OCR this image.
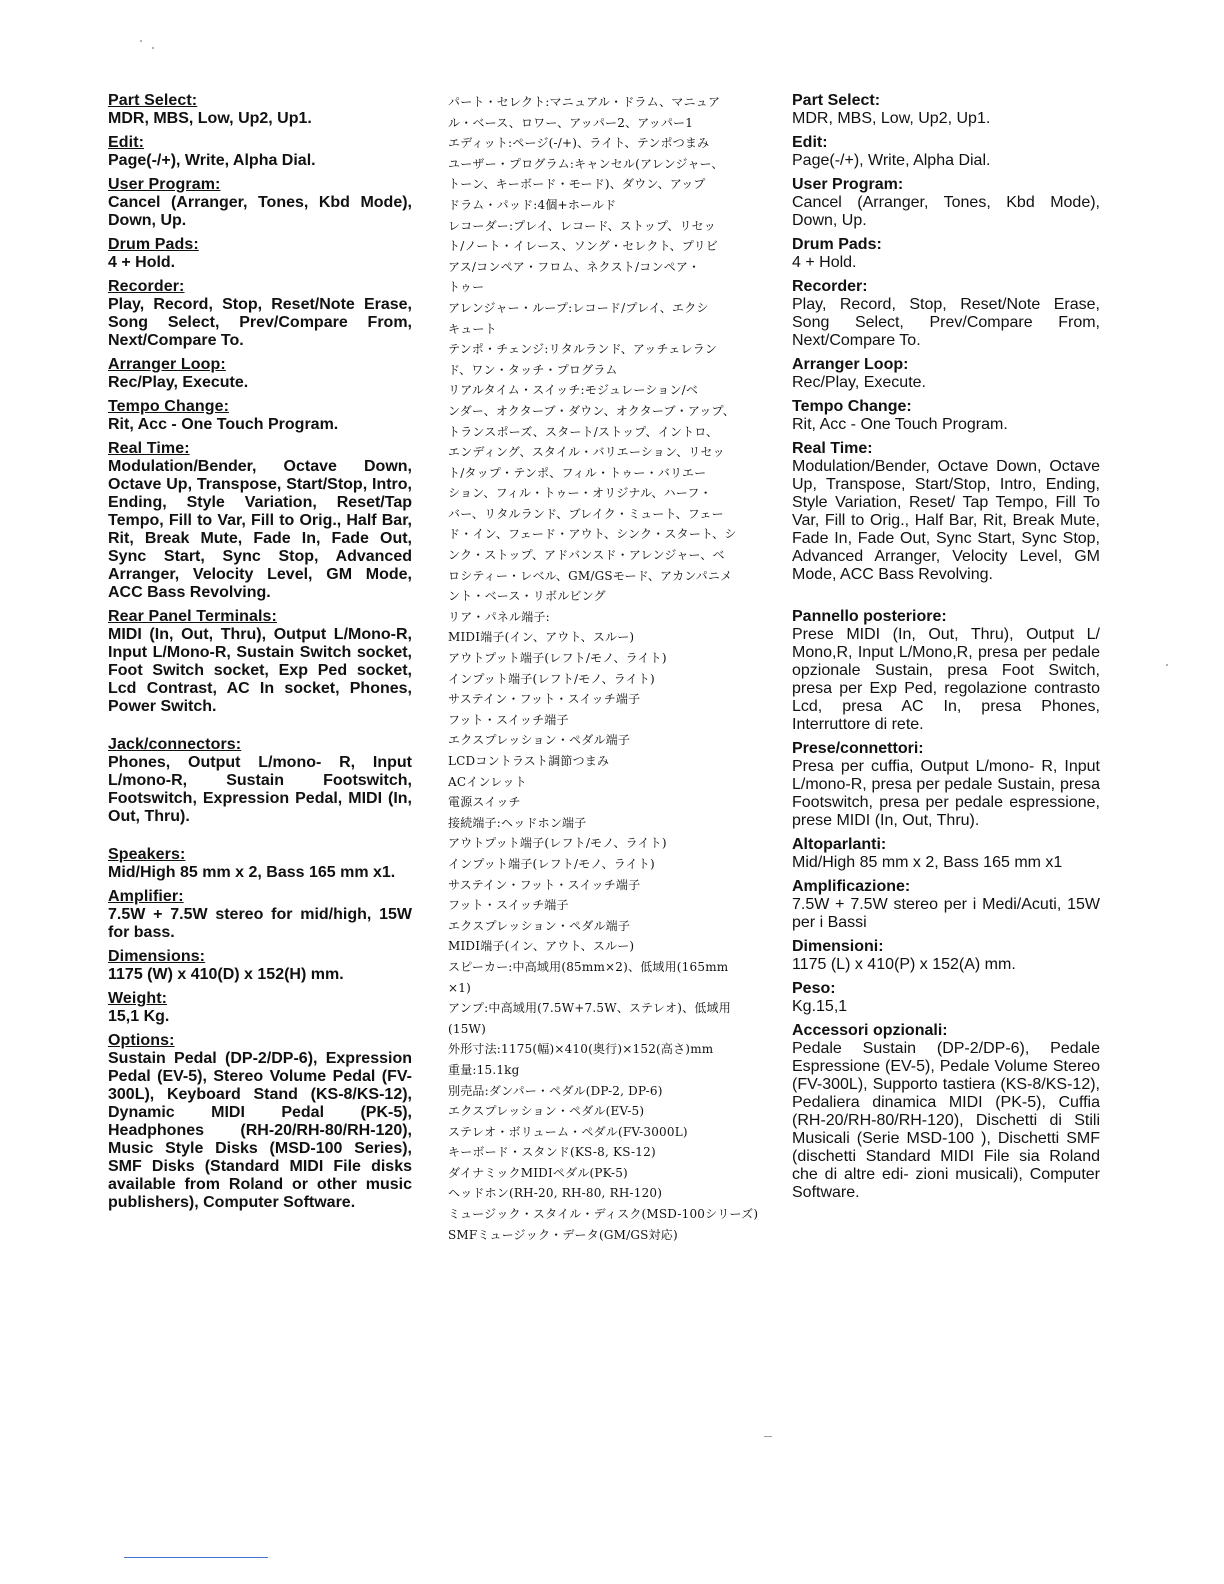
Part Select:
MDR, MBS, Low, Up2, Up1.
Edit:
Page(-/+), Write, Alpha Dial.
User Program:
Cancel (Arranger, Tones, Kbd Mode), Down, Up.
Drum Pads:
4 + Hold.
Recorder:
Play, Record, Stop, Reset/Note Erase, Song Select, Prev/Compare From, Next/Compare To.
Arranger Loop:
Rec/Play, Execute.
Tempo Change:
Rit, Acc - One Touch Program.
Real Time:
Modulation/Bender, Octave Down, Octave Up, Transpose, Start/Stop, Intro, Ending, Style Variation, Reset/Tap Tempo, Fill to Var, Fill to Orig., Half Bar, Rit, Break Mute, Fade In, Fade Out, Sync Start, Sync Stop, Advanced Arranger, Velocity Level, GM Mode, ACC Bass Revolving.
Rear Panel Terminals:
MIDI (In, Out, Thru), Output L/Mono-R, Input L/Mono-R, Sustain Switch socket, Foot Switch socket, Exp Ped socket, Lcd Contrast, AC In socket, Phones, Power Switch.
Jack/connectors:
Phones, Output L/mono- R, Input L/mono-R, Sustain Footswitch, Footswitch, Expression Pedal, MIDI (In, Out, Thru).
Speakers:
Mid/High 85 mm x 2, Bass 165 mm x1.
Amplifier:
7.5W + 7.5W stereo for mid/high, 15W for bass.
Dimensions:
1175 (W) x 410(D) x 152(H) mm.
Weight:
15,1 Kg.
Options:
Sustain Pedal (DP-2/DP-6), Expression Pedal (EV-5), Stereo Volume Pedal (FV-300L), Keyboard Stand (KS-8/KS-12), Dynamic MIDI Pedal (PK-5), Headphones (RH-20/RH-80/RH-120), Music Style Disks (MSD-100 Series), SMF Disks (Standard MIDI File disks available from Roland or other music publishers), Computer Software.
パート・セレクト:マニュアル・ドラム、マニュア
ル・ベース、ロワー、アッパー2、アッパー1
エディット:ページ(-/+)、ライト、テンポつまみ
ユーザー・プログラム:キャンセル(アレンジャー、
トーン、キーボード・モード)、ダウン、アップ
ドラム・パッド:4個+ホールド
レコーダー:プレイ、レコード、ストップ、リセッ
ト/ノート・イレース、ソング・セレクト、プリビ
アス/コンペア・フロム、ネクスト/コンペア・
トゥー
アレンジャー・ループ:レコード/プレイ、エクシ
キュート
テンポ・チェンジ:リタルランド、アッチェレラン
ド、ワン・タッチ・プログラム
リアルタイム・スイッチ:モジュレーション/ベ
ンダー、オクターブ・ダウン、オクターブ・アップ、
トランスポーズ、スタート/ストップ、イントロ、
エンディング、スタイル・バリエーション、リセッ
ト/タップ・テンポ、フィル・トゥー・バリエー
ション、フィル・トゥー・オリジナル、ハーフ・
バー、リタルランド、ブレイク・ミュート、フェー
ド・イン、フェード・アウト、シンク・スタート、シ
ンク・ストップ、アドバンスド・アレンジャー、ベ
ロシティー・レベル、GM/GSモード、アカンパニメ
ント・ベース・リボルビング
リア・パネル端子:
MIDI端子(イン、アウト、スルー)
アウトプット端子(レフト/モノ、ライト)
インプット端子(レフト/モノ、ライト)
サステイン・フット・スイッチ端子
フット・スイッチ端子
エクスプレッション・ペダル端子
LCDコントラスト調節つまみ
ACインレット
電源スイッチ
接続端子:ヘッドホン端子
アウトプット端子(レフト/モノ、ライト)
インプット端子(レフト/モノ、ライト)
サステイン・フット・スイッチ端子
フット・スイッチ端子
エクスプレッション・ペダル端子
MIDI端子(イン、アウト、スルー)
スピーカー:中高域用(85mm×2)、低域用(165mm
×1)
アンプ:中高域用(7.5W+7.5W、ステレオ)、低域用
(15W)
外形寸法:1175(幅)×410(奥行)×152(高さ)mm
重量:15.1kg
別売品:ダンパー・ペダル(DP-2, DP-6)
エクスプレッション・ペダル(EV-5)
ステレオ・ボリューム・ペダル(FV-3000L)
キーボード・スタンド(KS-8, KS-12)
ダイナミックMIDIペダル(PK-5)
ヘッドホン(RH-20, RH-80, RH-120)
ミュージック・スタイル・ディスク(MSD-100シリーズ)
SMFミュージック・データ(GM/GS対応)
Part Select:
MDR, MBS, Low, Up2, Up1.
Edit:
Page(-/+), Write, Alpha Dial.
User Program:
Cancel (Arranger, Tones, Kbd Mode), Down, Up.
Drum Pads:
4 + Hold.
Recorder:
Play, Record, Stop, Reset/Note Erase, Song Select, Prev/Compare From, Next/Compare To.
Arranger Loop:
Rec/Play, Execute.
Tempo Change:
Rit, Acc - One Touch Program.
Real Time:
Modulation/Bender, Octave Down, Octave Up, Transpose, Start/Stop, Intro, Ending, Style Variation, Reset/ Tap Tempo, Fill To Var, Fill to Orig., Half Bar, Rit, Break Mute, Fade In, Fade Out, Sync Start, Sync Stop, Advanced Arranger, Velocity Level, GM Mode, ACC Bass Revolving.
Pannello posteriore:
Prese MIDI (In, Out, Thru), Output L/ Mono,R, Input L/Mono,R, presa per pedale opzionale Sustain, presa Foot Switch, presa per Exp Ped, regolazione contrasto Lcd, presa AC In, presa Phones, Interruttore di rete.
Prese/connettori:
Presa per cuffia, Output L/mono- R, Input L/mono-R, presa per pedale Sustain, presa Footswitch, presa per pedale espressione, prese MIDI (In, Out, Thru).
Altoparlanti:
Mid/High 85 mm x 2, Bass 165 mm x1
Amplificazione:
7.5W + 7.5W stereo per i Medi/Acuti, 15W per i Bassi
Dimensioni:
1175 (L) x 410(P) x 152(A) mm.
Peso:
Kg.15,1
Accessori opzionali:
Pedale Sustain (DP-2/DP-6), Pedale Espressione (EV-5), Pedale Volume Stereo (FV-300L), Supporto tastiera (KS-8/KS-12), Pedaliera dinamica MIDI (PK-5), Cuffia (RH-20/RH-80/RH-120), Dischetti di Stili Musicali (Serie MSD-100 ), Dischetti SMF (dischetti Standard MIDI File sia Roland che di altre edi- zioni musicali), Computer Software.
